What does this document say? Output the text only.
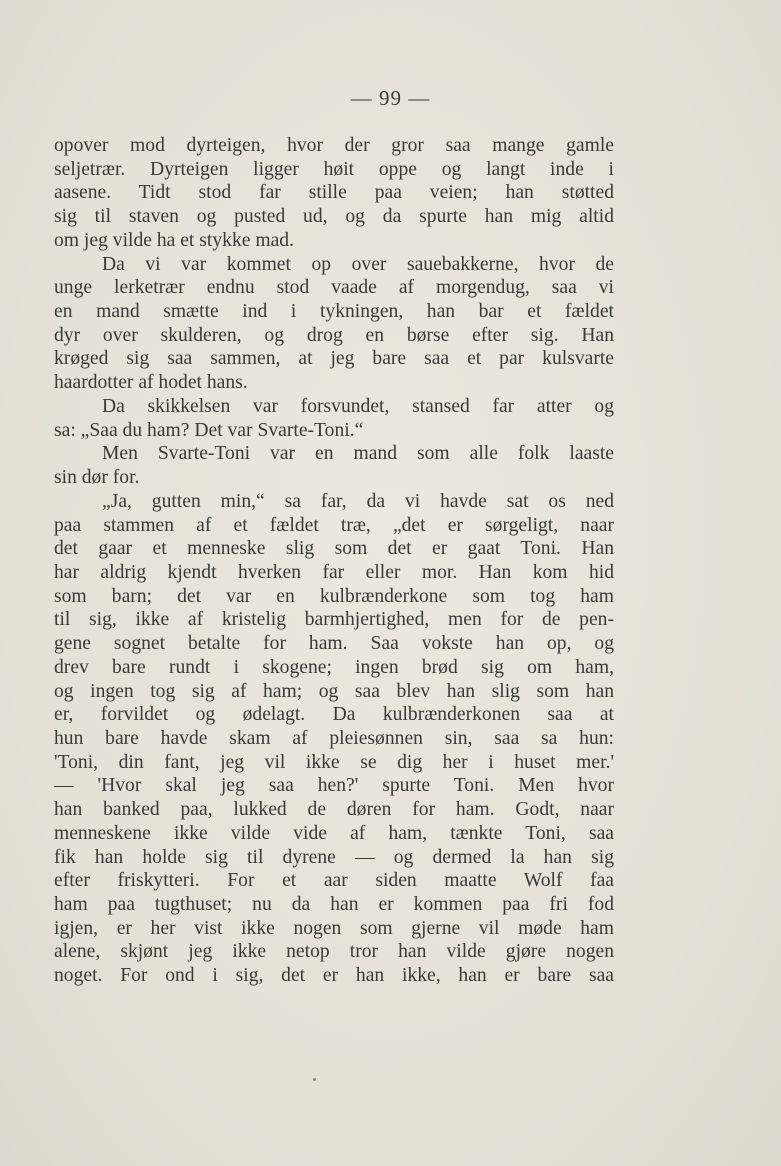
— 99 —
opover mod dyrteigen, hvor der gror saa mange gamle
seljetrær. Dyrteigen ligger høit oppe og langt inde i
aasene. Tidt stod far stille paa veien; han støtted
sig til staven og pusted ud, og da spurte han mig altid
om jeg vilde ha et stykke mad.
Da vi var kommet op over sauebakkerne, hvor de
unge lerketrær endnu stod vaade af morgendug, saa vi
en mand smætte ind i tykningen, han bar et fældet
dyr over skulderen, og drog en børse efter sig. Han
krøged sig saa sammen, at jeg bare saa et par kulsvarte
haardotter af hodet hans.
Da skikkelsen var forsvundet, stansed far atter og
sa: „Saa du ham? Det var Svarte-Toni.“
Men Svarte-Toni var en mand som alle folk laaste
sin dør for.
„Ja, gutten min,“ sa far, da vi havde sat os ned
paa stammen af et fældet træ, „det er sørgeligt, naar
det gaar et menneske slig som det er gaat Toni. Han
har aldrig kjendt hverken far eller mor. Han kom hid
som barn; det var en kulbrænderkone som tog ham
til sig, ikke af kristelig barmhjertighed, men for de pen-
gene sognet betalte for ham. Saa vokste han op, og
drev bare rundt i skogene; ingen brød sig om ham,
og ingen tog sig af ham; og saa blev han slig som han
er, forvildet og ødelagt. Da kulbrænderkonen saa at
hun bare havde skam af pleiesønnen sin, saa sa hun:
'Toni, din fant, jeg vil ikke se dig her i huset mer.'
— 'Hvor skal jeg saa hen?' spurte Toni. Men hvor
han banked paa, lukked de døren for ham. Godt, naar
menneskene ikke vilde vide af ham, tænkte Toni, saa
fik han holde sig til dyrene — og dermed la han sig
efter friskytteri. For et aar siden maatte Wolf faa
ham paa tugthuset; nu da han er kommen paa fri fod
igjen, er her vist ikke nogen som gjerne vil møde ham
alene, skjønt jeg ikke netop tror han vilde gjøre nogen
noget. For ond i sig, det er han ikke, han er bare saa
